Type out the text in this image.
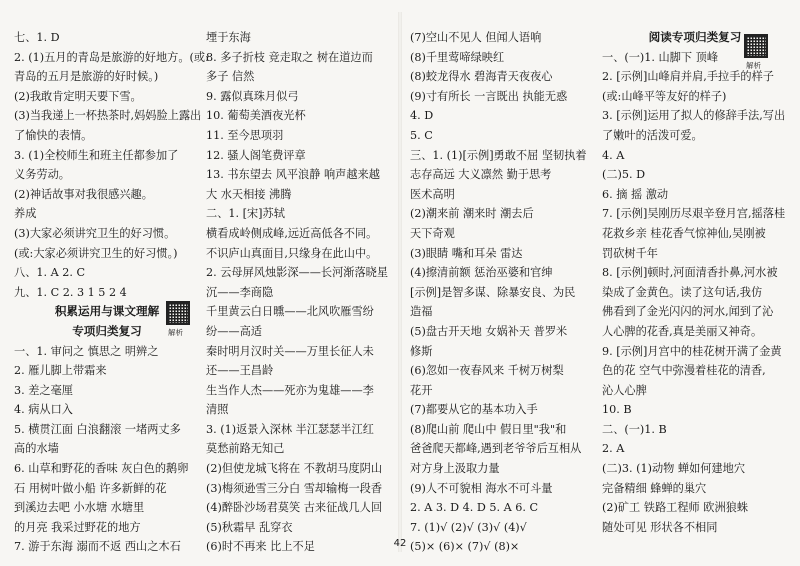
七、1. D
2. (1)五月的青岛是旅游的好地方。(或:
青岛的五月是旅游的好时候。)
(2)我敢肯定明天要下雪。
(3)当我递上一杯热茶时,妈妈脸上露出
了愉快的表情。
3. (1)全校师生和班主任都参加了
义务劳动。
(2)神话故事对我很感兴趣。
养成
(3)大家必须讲究卫生的好习惯。
(或:大家必须讲究卫生的好习惯。)
八、1. A 2. C
九、1. C 2. 3 1 5 2 4
积累运用与课文理解
专项归类复习
一、1. 审问之 慎思之 明辨之
2. 雁儿脚上带霜来
3. 差之毫厘
4. 病从口入
5. 横贯江面 白浪翻滚 一堵两丈多
高的水墙
6. 山草和野花的香味 灰白色的鹅卵
石 用树叶做小船 许多新鲜的花
到溪边去吧 小水塘 水塘里
的月亮 我采过野花的地方
7. 游于东海 溺而不返 西山之木石
堙于东海
8. 多子折枝 竞走取之 树在道边而
多子 信然
9. 露似真珠月似弓
10. 葡萄美酒夜光杯
11. 至今思项羽
12. 骚人阁笔费评章
13. 书东望去 风平浪静 响声越来越
大 水天相接 沸腾
二、1. [宋]苏轼
横看成岭侧成峰,远近高低各不同。
不识庐山真面目,只缘身在此山中。
2. 云母屏风烛影深——长河渐落晓星
沉——李商隐
千里黄云白日曛——北风吹雁雪纷
纷——高适
秦时明月汉时关——万里长征人未
还——王昌龄
生当作人杰——死亦为鬼雄——李
清照
3. (1)返景入深林 半江瑟瑟半江红
莫愁前路无知己
(2)但使龙城飞将在 不教胡马度阴山
(3)梅须逊雪三分白 雪却输梅一段香
(4)醉卧沙场君莫笑 古来征战几人回
(5)秋霜早 乱穿衣
(6)时不再来 比上不足
(7)空山不见人 但闻人语响
(8)千里莺啼绿映红
(8)蛟龙得水 碧海青天夜夜心
(9)寸有所长 一言既出 执能无惑
4. D
5. C
三、1. (1)[示例]勇敢不屈 坚韧执着
志存高远 大义凛然 勤于思考
医术高明
(2)潮来前 潮来时 潮去后
天下奇观
(3)眼睛 嘴和耳朵 雷达
(4)擦清前额 惩治巫婆和官绅
[示例]是智多谋、除暴安良、为民
造福
(5)盘古开天地 女娲补天 普罗米
修斯
(6)忽如一夜春风来 千树万树梨
花开
(7)都要从它的基本功入手
(8)爬山前 爬山中 假日里"我"和
爸爸爬天都峰,遇到老爷爷后互相从
对方身上汲取力量
(9)人不可貌相 海水不可斗量
2. A 3. D 4. D 5. A 6. C
7. (1)√ (2)√ (3)√ (4)√
(5)× (6)× (7)√ (8)×
阅读专项归类复习
一、(一)1. 山脚下 顶峰
2. [示例]山峰肩并肩,手拉手的样子
(或:山峰平等友好的样子)
3. [示例]运用了拟人的修辞手法,写出
了嫩叶的活泼可爱。
4. A
(二)5. D
6. 摘 摇 激动
7. [示例]吴刚历尽艰辛登月宫,摇落桂
花救乡亲 桂花香气惊神仙,吴刚被
罚砍树千年
8. [示例]顿时,河面清香扑鼻,河水被
染成了金黄色。读了这句话,我仿
佛看到了金光闪闪的河水,闻到了沁
人心脾的花香,真是美丽又神奇。
9. [示例]月宫中的桂花树开满了金黄
色的花 空气中弥漫着桂花的清香,
沁人心脾
10. B
二、(一)1. B
2. A
(二)3. (1)动物 蝉如何建地穴
完备精细 蜂蝉的巢穴
(2)矿工 铁路工程师 欧洲狼蛛
随处可见 形状各不相同
解析
解析
42
